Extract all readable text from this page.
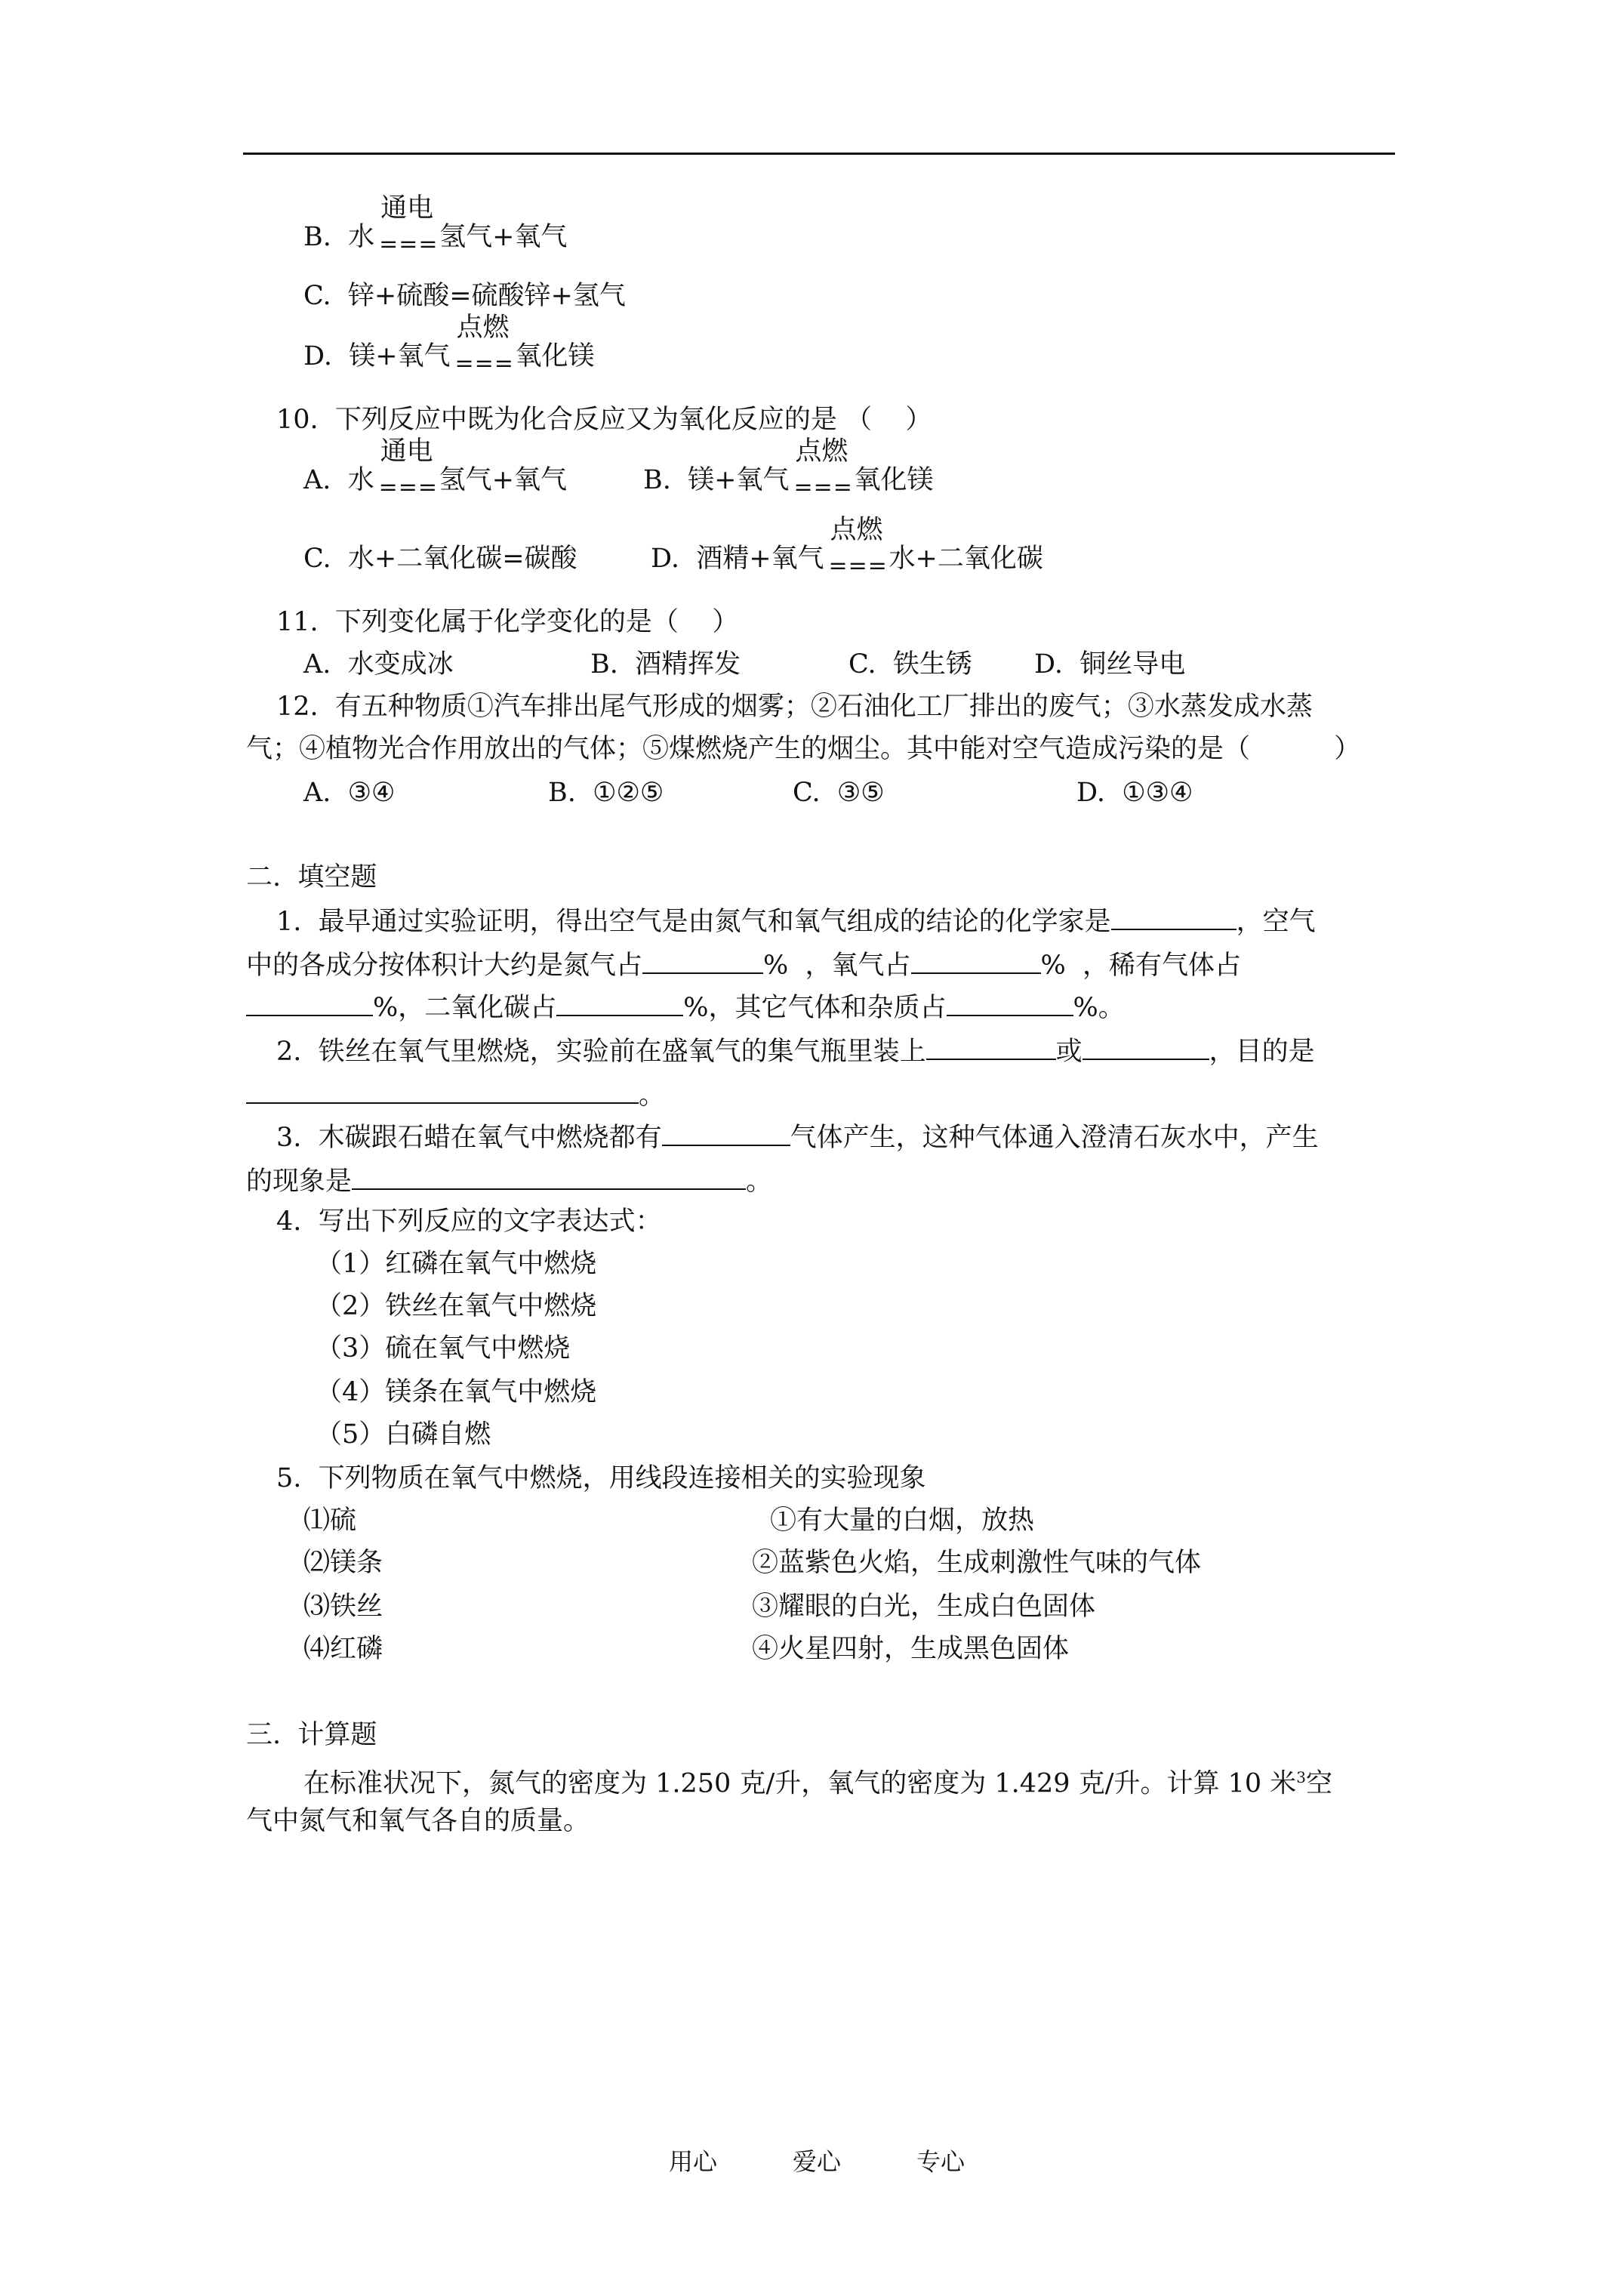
B.  水
通电
===氢气+氧气
C.  锌+硫酸=硫酸锌+氢气
D.  镁+氧气
点燃
===氧化镁
10.  下列反应中既为化合反应又为氧化反应的是 （    ）
A.  水
通电
===氢气+氧气	B.  镁+氧气
点燃
===氧化镁
C.  水+二氧化碳=碳酸	D.  酒精+氧气
点燃
===水+二氧化碳
11.  下列变化属于化学变化的是（    ）
A.  水变成冰	B.  酒精挥发	C.  铁生锈 D.  铜丝导电
12.  有五种物质①汽车排出尾气形成的烟雾；②石油化工厂排出的废气；③水蒸发成水蒸
气；④植物光合作用放出的气体；⑤煤燃烧产生的烟尘。其中能对空气造成污染的是（          ）
A.  ③④	B.  ①②⑤	C.  ③⑤	D.  ①③④
二.  填空题
1.  最早通过实验证明，得出空气是由氮气和氧气组成的结论的化学家是	，空气
中的各成分按体积计大约是氮气占	%  ，氧气占	%  ，稀有气体占
%，二氧化碳占	%，其它气体和杂质占	%。
2.  铁丝在氧气里燃烧，实验前在盛氧气的集气瓶里装上	或	，目的是
。
3.  木碳跟石蜡在氧气中燃烧都有	气体产生，这种气体通入澄清石灰水中，产生
的现象是	。
4.  写出下列反应的文字表达式：
（1）红磷在氧气中燃烧
（2）铁丝在氧气中燃烧
（3）硫在氧气中燃烧
（4）镁条在氧气中燃烧
（5）白磷自燃
5.  下列物质在氧气中燃烧，用线段连接相关的实验现象
⑴硫	①有大量的白烟，放热
⑵镁条	②蓝紫色火焰，生成刺激性气味的气体
⑶铁丝	③耀眼的白光，生成白色固体
⑷红磷	④火星四射，生成黑色固体
三.  计算题
在标准状况下，氮气的密度为 1.250 克/升，氧气的密度为 1.429 克/升。计算 10 米$^3$空
气中氮气和氧气各自的质量。
用心	爱心	专心
